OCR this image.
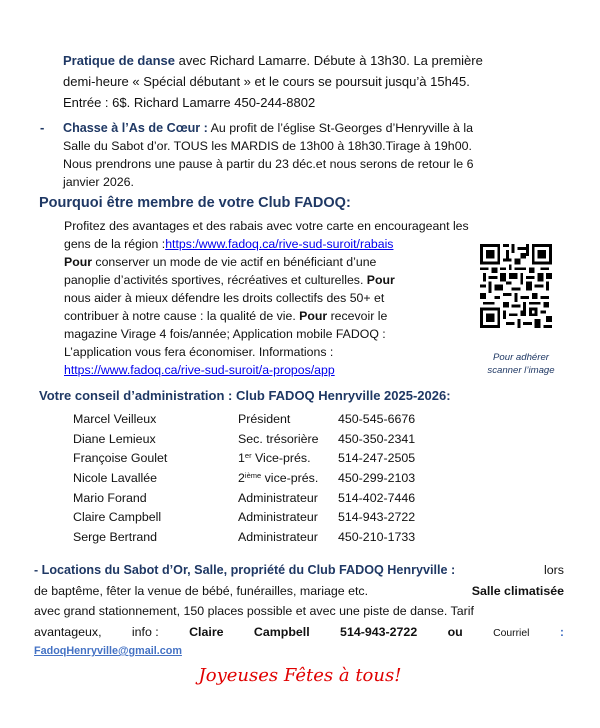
Pratique de danse avec Richard Lamarre. Débute à 13h30. La première
demi-heure « Spécial débutant » et le cours se poursuit jusqu’à 15h45.
Entrée : 6$. Richard Lamarre 450-244-8802
- Chasse à l’As de Cœur : Au profit de l’église St-Georges d’Henryville à la
Salle du Sabot d’or. TOUS les MARDIS de 13h00 à 18h30.Tirage à 19h00.
Nous prendrons une pause à partir du 23 déc.et nous serons de retour le 6
janvier 2026.
Pourquoi être membre de votre Club FADOQ:
Profitez des avantages et des rabais avec votre carte en encourageant les
gens de la région :https:/www.fadoq.ca/rive-sud-suroit/rabais
Pour conserver un mode de vie actif en bénéficiant d’une
panoplie d’activités sportives, récréatives et culturelles. Pour
nous aider à mieux défendre les droits collectifs des 50+ et
contribuer à notre cause : la qualité de vie. Pour recevoir le
magazine Virage 4 fois/année; Application mobile FADOQ :
L’application vous fera économiser. Informations :
https://www.fadoq.ca/rive-sud-suroit/a-propos/app
Pour adhérer
scanner l’image
Votre conseil d’administration : Club FADOQ Henryville 2025-2026:
Marcel Veilleux	Président	450-545-6676
Diane Lemieux	Sec. trésorière	450-350-2341
Françoise Goulet	1er Vice-prés.	514-247-2505
Nicole Lavallée	2ième vice-prés.	450-299-2103
Mario Forand	Administrateur	514-402-7446
Claire Campbell	Administrateur	514-943-2722
Serge Bertrand	Administrateur	450-210-1733
- Locations du Sabot d’Or, Salle, propriété du Club FADOQ Henryville :	lors
de baptême, fêter la venue de bébé, funérailles, mariage etc.	Salle climatisée
avec grand stationnement, 150 places possible et avec une piste de danse. Tarif
avantageux, info : Claire Campbell 514-943-2722 ou	Courriel :
FadoqHenryville@gmail.com
Joyeuses Fêtes à tous!
